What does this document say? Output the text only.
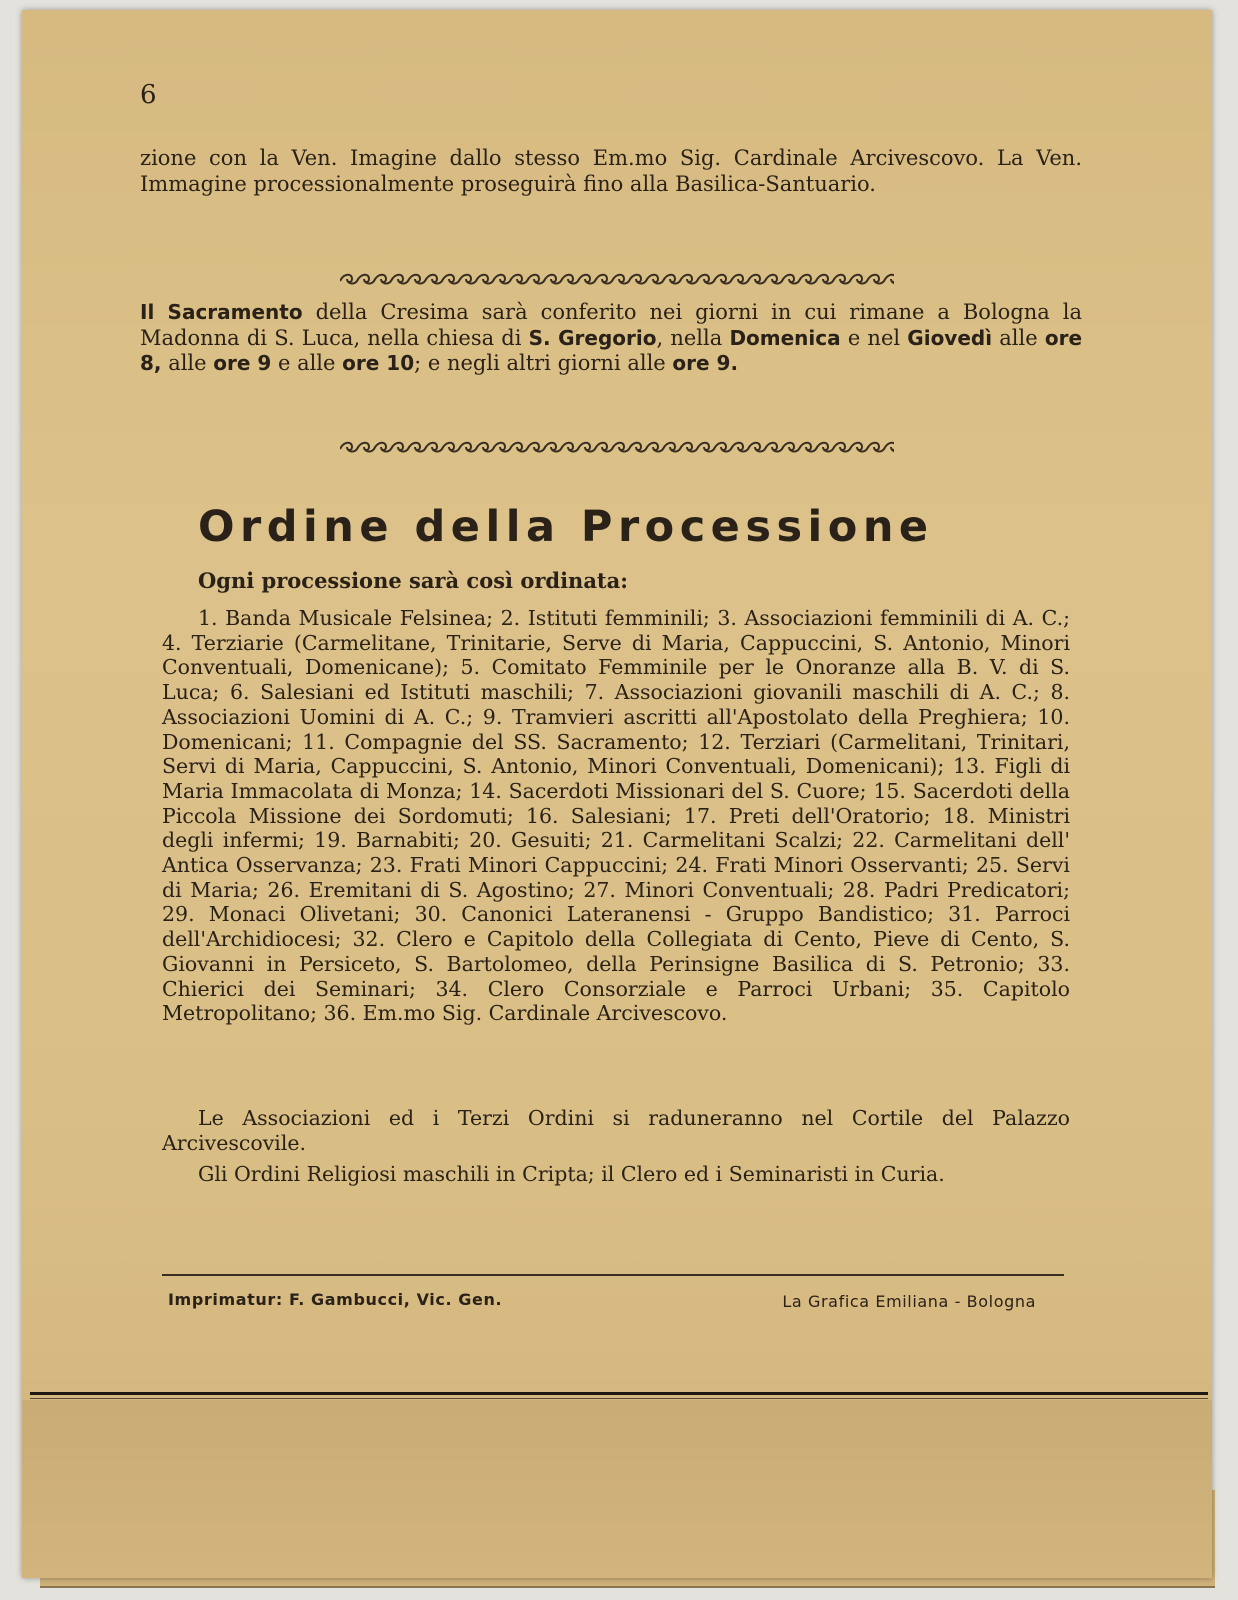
6

zione con la Ven. Imagine dallo stesso Em.mo Sig. Cardinale Arcivescovo. La Ven. Immagine processionalmente proseguirà fino alla Basilica-Santuario.

Il Sacramento della Cresima sarà conferito nei giorni in cui rimane a Bologna la Madonna di S. Luca, nella chiesa di S. Gregorio, nella Domenica e nel Giovedì alle ore 8, alle ore 9 e alle ore 10; e negli altri giorni alle ore 9.

Ordine della Processione
Ogni processione sarà così ordinata:

1. Banda Musicale Felsinea; 2. Istituti femminili; 3. Associazioni femminili di A. C.; 4. Terziarie (Carmelitane, Trinitarie, Serve di Maria, Cappuccini, S. Antonio, Minori Conventuali, Domenicane); 5. Comitato Femminile per le Onoranze alla B. V. di S. Luca; 6. Salesiani ed Istituti maschili; 7. Associazioni giovanili maschili di A. C.; 8. Associazioni Uomini di A. C.; 9. Tramvieri ascritti all'Apostolato della Preghiera; 10. Domenicani; 11. Compagnie del SS. Sacramento; 12. Terziari (Carmelitani, Trinitari, Servi di Maria, Cappuccini, S. Antonio, Minori Conventuali, Domenicani); 13. Figli di Maria Immacolata di Monza; 14. Sacerdoti Missionari del S. Cuore; 15. Sacerdoti della Piccola Missione dei Sordomuti; 16. Salesiani; 17. Preti dell'Oratorio; 18. Ministri degli infermi; 19. Barnabiti; 20. Gesuiti; 21. Carmelitani Scalzi; 22. Carmelitani dell' Antica Osservanza; 23. Frati Minori Cappuccini; 24. Frati Minori Osservanti; 25. Servi di Maria; 26. Eremitani di S. Agostino; 27. Minori Conventuali; 28. Padri Predicatori; 29. Monaci Olivetani; 30. Canonici Lateranensi - Gruppo Bandistico; 31. Parroci dell'Archidiocesi; 32. Clero e Capitolo della Collegiata di Cento, Pieve di Cento, S. Giovanni in Persiceto, S. Bartolomeo, della Perinsigne Basilica di S. Petronio; 33. Chierici dei Seminari; 34. Clero Consorziale e Parroci Urbani; 35. Capitolo Metropolitano; 36. Em.mo Sig. Cardinale Arcivescovo.

Le Associazioni ed i Terzi Ordini si raduneranno nel Cortile del Palazzo Arcivescovile.

Gli Ordini Religiosi maschili in Cripta; il Clero ed i Seminaristi in Curia.

Imprimatur: F. Gambucci, Vic. Gen.	La Grafica Emiliana - Bologna
